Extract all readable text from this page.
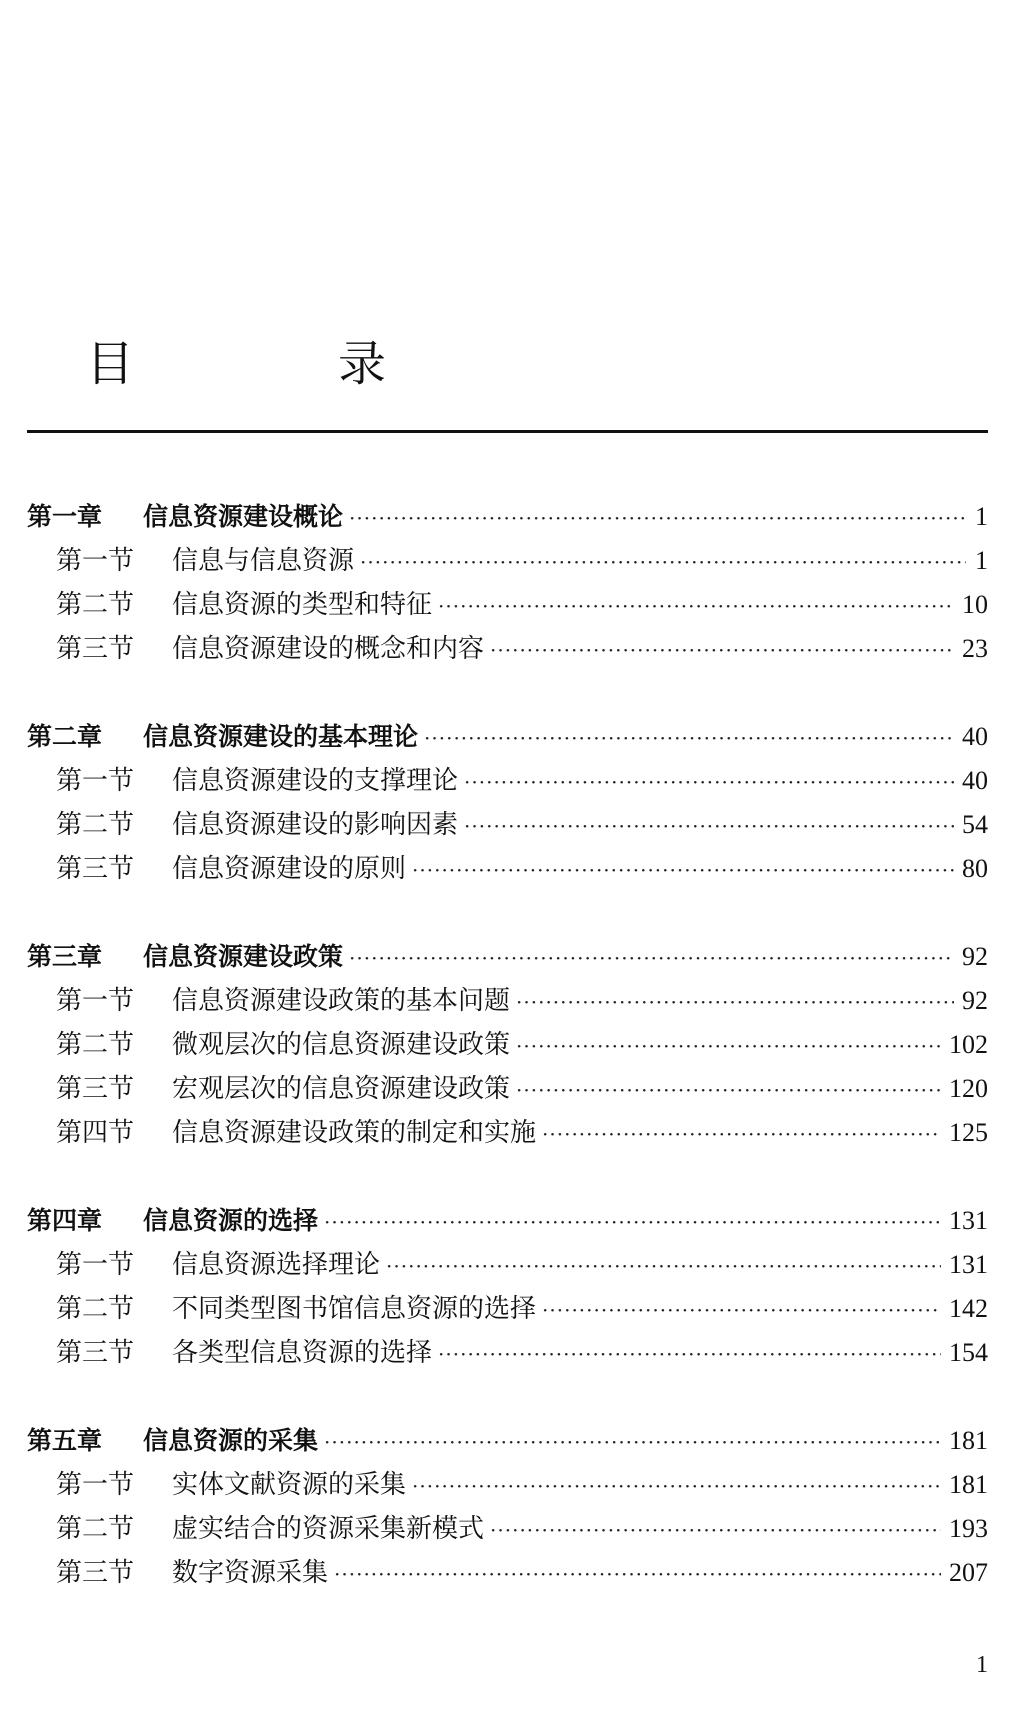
目　录
第一章	信息资源建设概论 ·····	1
第一节	信息与信息资源 ·····	1
第二节	信息资源的类型和特征 ·····	10
第三节	信息资源建设的概念和内容 ·····	23
第二章	信息资源建设的基本理论 ·····	40
第一节	信息资源建设的支撑理论 ·····	40
第二节	信息资源建设的影响因素 ·····	54
第三节	信息资源建设的原则 ·····	80
第三章	信息资源建设政策 ·····	92
第一节	信息资源建设政策的基本问题 ·····	92
第二节	微观层次的信息资源建设政策 ·····	102
第三节	宏观层次的信息资源建设政策 ·····	120
第四节	信息资源建设政策的制定和实施 ·····	125
第四章	信息资源的选择 ·····	131
第一节	信息资源选择理论 ·····	131
第二节	不同类型图书馆信息资源的选择 ·····	142
第三节	各类型信息资源的选择 ·····	154
第五章	信息资源的采集 ·····	181
第一节	实体文献资源的采集 ·····	181
第二节	虚实结合的资源采集新模式 ·····	193
第三节	数字资源采集 ·····	207
1
